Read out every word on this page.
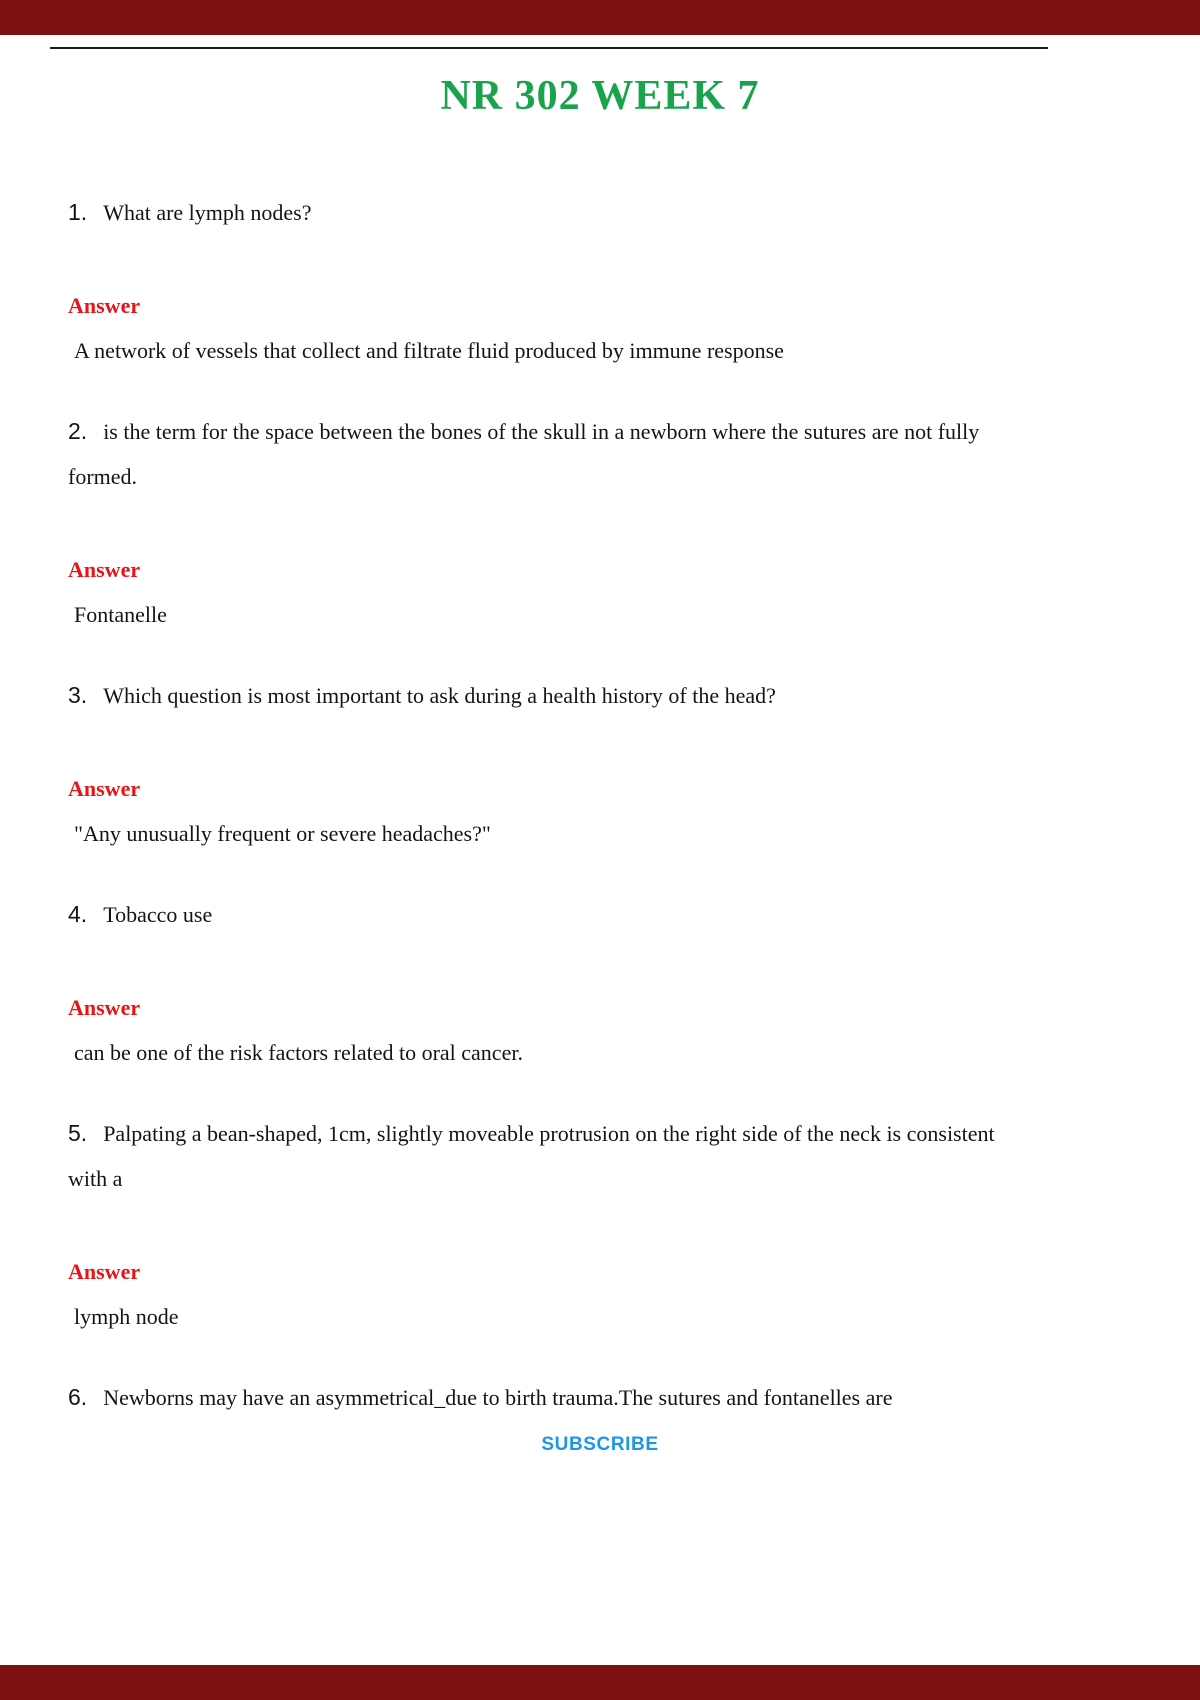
NR 302 WEEK 7

1. What are lymph nodes?

Answer

A network of vessels that collect and filtrate fluid produced by immune response

2. is the term for the space between the bones of the skull in a newborn where the sutures are not fully formed.

Answer

Fontanelle

3. Which question is most important to ask during a health history of the head?

Answer

"Any unusually frequent or severe headaches?"

4. Tobacco use

Answer

can be one of the risk factors related to oral cancer.

5. Palpating a bean-shaped, 1cm, slightly moveable protrusion on the right side of the neck is consistent with a

Answer

lymph node

6. Newborns may have an asymmetrical_due to birth trauma.The sutures and fontanelles are

SUBSCRIBE
